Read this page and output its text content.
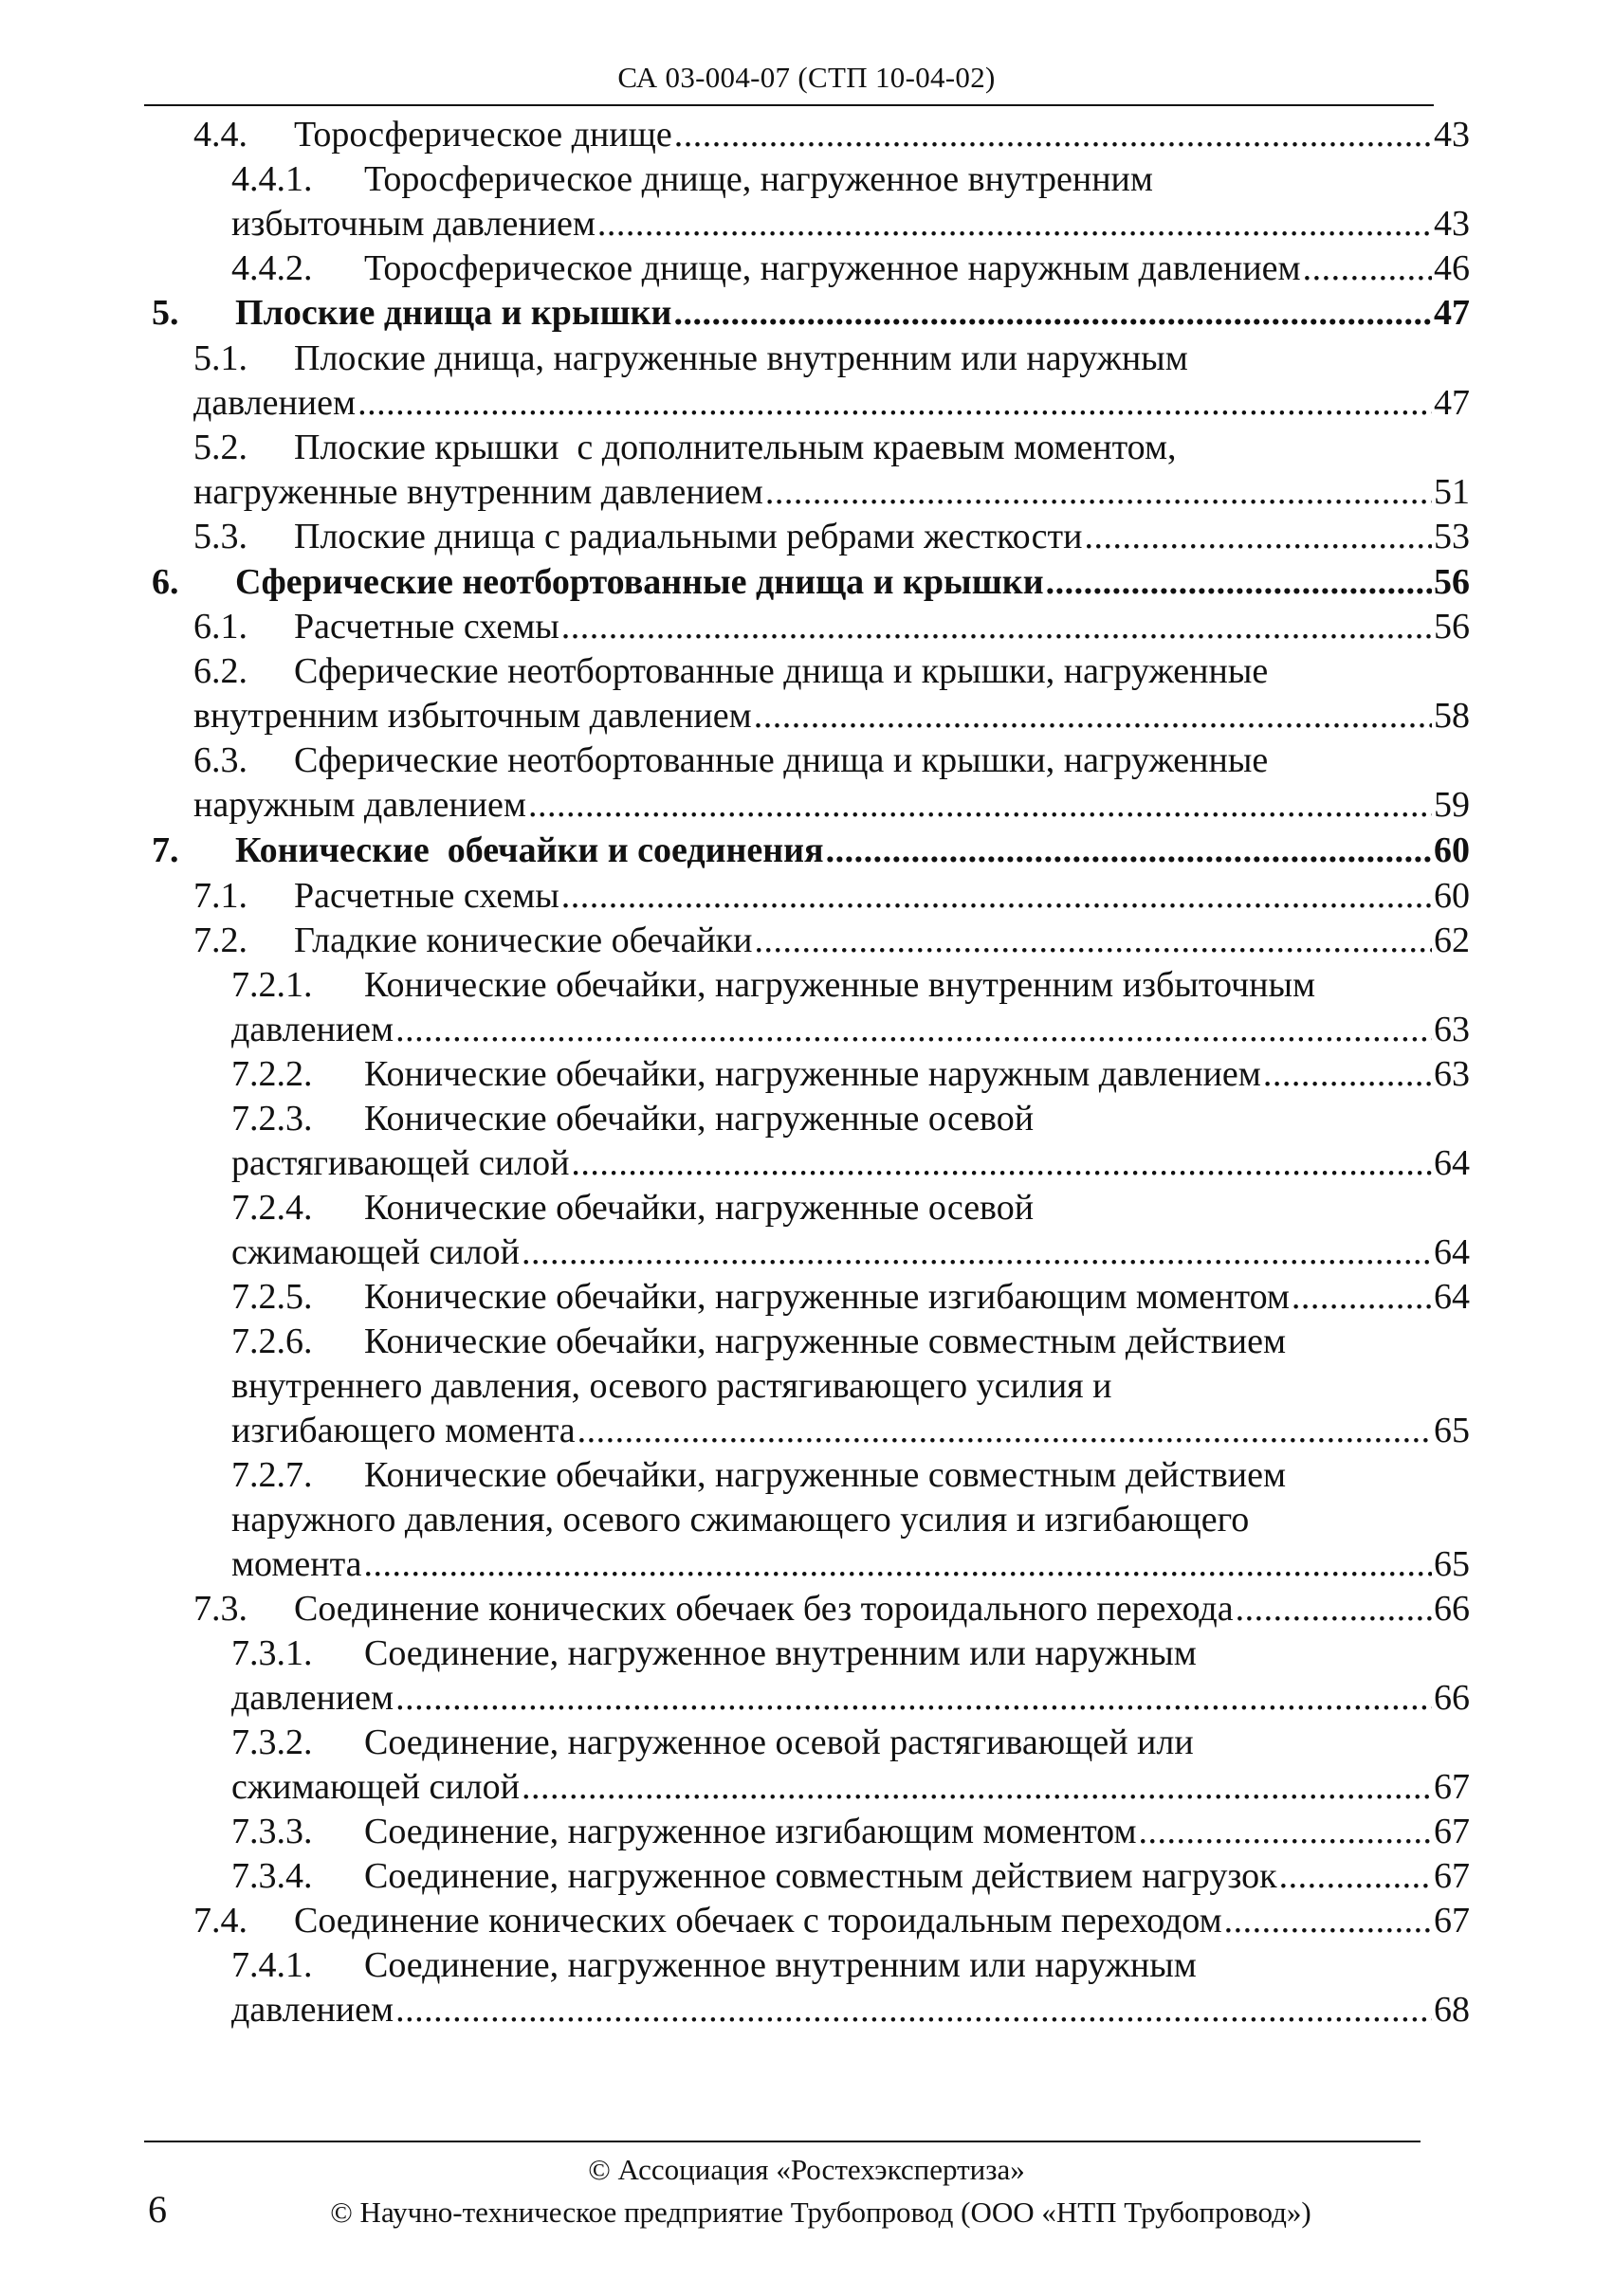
СА 03-004-07 (СТП 10-04-02)
4.4.	Торосферическое днище .....	43
4.4.1.	Торосферическое днище, нагруженное внутренним
избыточным давлением .....	43
4.4.2.	Торосферическое днище, нагруженное наружным давлением .....	46
5.	Плоские днища и крышки .....	47
5.1.	Плоские днища, нагруженные внутренним или наружным
давлением .....	47
5.2.	Плоские крышки  с дополнительным краевым моментом,
нагруженные внутренним давлением .....	51
5.3.	Плоские днища с радиальными ребрами жесткости .....	53
6.	Сферические неотбортованные днища и крышки .....	56
6.1.	Расчетные схемы .....	56
6.2.	Сферические неотбортованные днища и крышки, нагруженные
внутренним избыточным давлением .....	58
6.3.	Сферические неотбортованные днища и крышки, нагруженные
наружным давлением .....	59
7.	Конические  обечайки и соединения .....	60
7.1.	Расчетные схемы .....	60
7.2.	Гладкие конические обечайки .....	62
7.2.1.	Конические обечайки, нагруженные внутренним избыточным
давлением .....	63
7.2.2.	Конические обечайки, нагруженные наружным давлением .....	63
7.2.3.	Конические обечайки, нагруженные осевой
растягивающей силой .....	64
7.2.4.	Конические обечайки, нагруженные осевой
сжимающей силой .....	64
7.2.5.	Конические обечайки, нагруженные изгибающим моментом .....	64
7.2.6.	Конические обечайки, нагруженные совместным действием
внутреннего давления, осевого растягивающего усилия и
изгибающего момента .....	65
7.2.7.	Конические обечайки, нагруженные совместным действием
наружного давления, осевого сжимающего усилия и изгибающего
момента .....	65
7.3.	Соединение конических обечаек без тороидального перехода .....	66
7.3.1.	Соединение, нагруженное внутренним или наружным
давлением .....	66
7.3.2.	Соединение, нагруженное осевой растягивающей или
сжимающей силой .....	67
7.3.3.	Соединение, нагруженное изгибающим моментом .....	67
7.3.4.	Соединение, нагруженное совместным действием нагрузок .....	67
7.4.	Соединение конических обечаек с тороидальным переходом .....	67
7.4.1.	Соединение, нагруженное внутренним или наружным
давлением .....	68
© Ассоциация «Ростехэкспертиза»
© Научно-техническое предприятие Трубопровод (ООО «НТП Трубопровод»)
6
